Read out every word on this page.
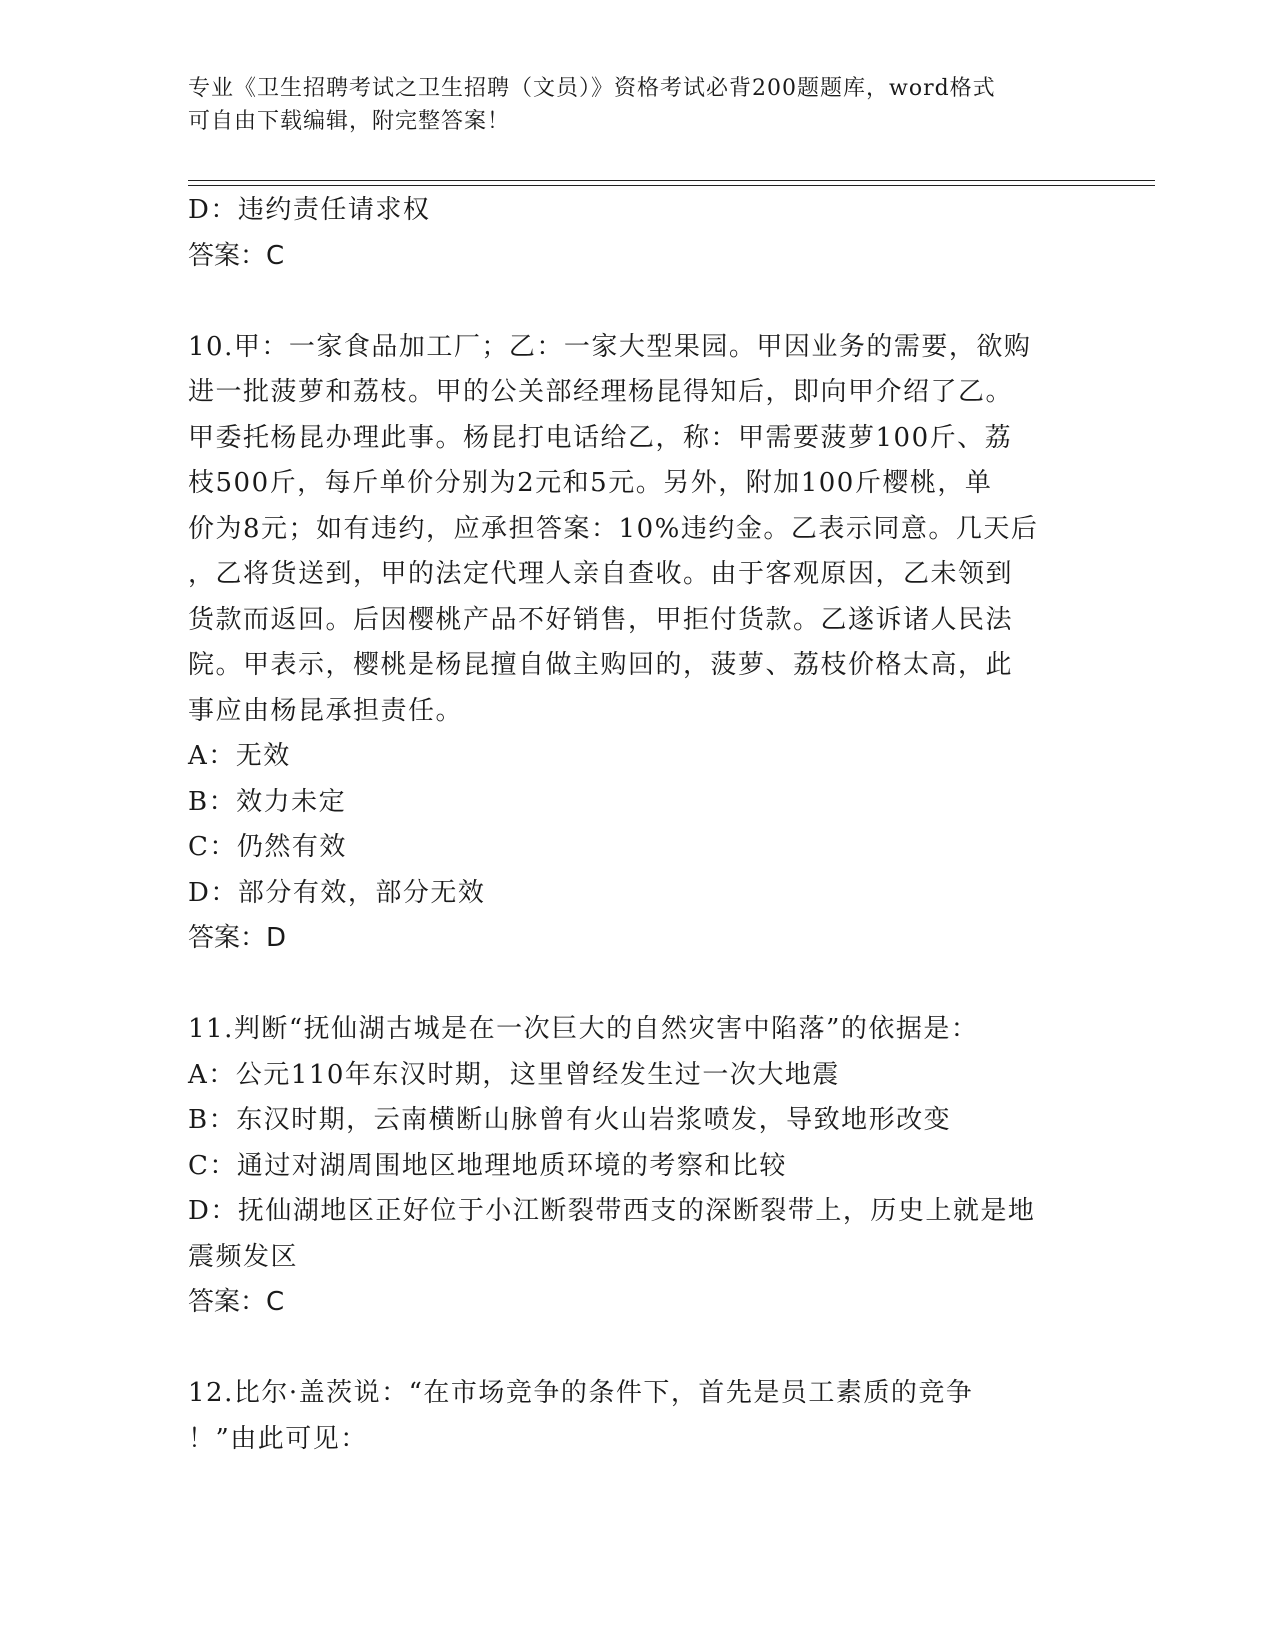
专业《卫生招聘考试之卫生招聘（文员）》资格考试必背200题题库，word格式
可自由下载编辑，附完整答案！
D：违约责任请求权
答案：C
10.甲：一家食品加工厂；乙：一家大型果园。甲因业务的需要，欲购
进一批菠萝和荔枝。甲的公关部经理杨昆得知后，即向甲介绍了乙。
甲委托杨昆办理此事。杨昆打电话给乙，称：甲需要菠萝100斤、荔
枝500斤，每斤单价分别为2元和5元。另外，附加100斤樱桃，单
价为8元；如有违约，应承担答案：10%违约金。乙表示同意。几天后
，乙将货送到，甲的法定代理人亲自查收。由于客观原因，乙未领到
货款而返回。后因樱桃产品不好销售，甲拒付货款。乙遂诉诸人民法
院。甲表示，樱桃是杨昆擅自做主购回的，菠萝、荔枝价格太高，此
事应由杨昆承担责任。
A：无效
B：效力未定
C：仍然有效
D：部分有效，部分无效
答案：D
11.判断“抚仙湖古城是在一次巨大的自然灾害中陷落”的依据是：
A：公元110年东汉时期，这里曾经发生过一次大地震
B：东汉时期，云南横断山脉曾有火山岩浆喷发，导致地形改变
C：通过对湖周围地区地理地质环境的考察和比较
D：抚仙湖地区正好位于小江断裂带西支的深断裂带上，历史上就是地
震频发区
答案：C
12.比尔·盖茨说：“在市场竞争的条件下，首先是员工素质的竞争
！”由此可见：
